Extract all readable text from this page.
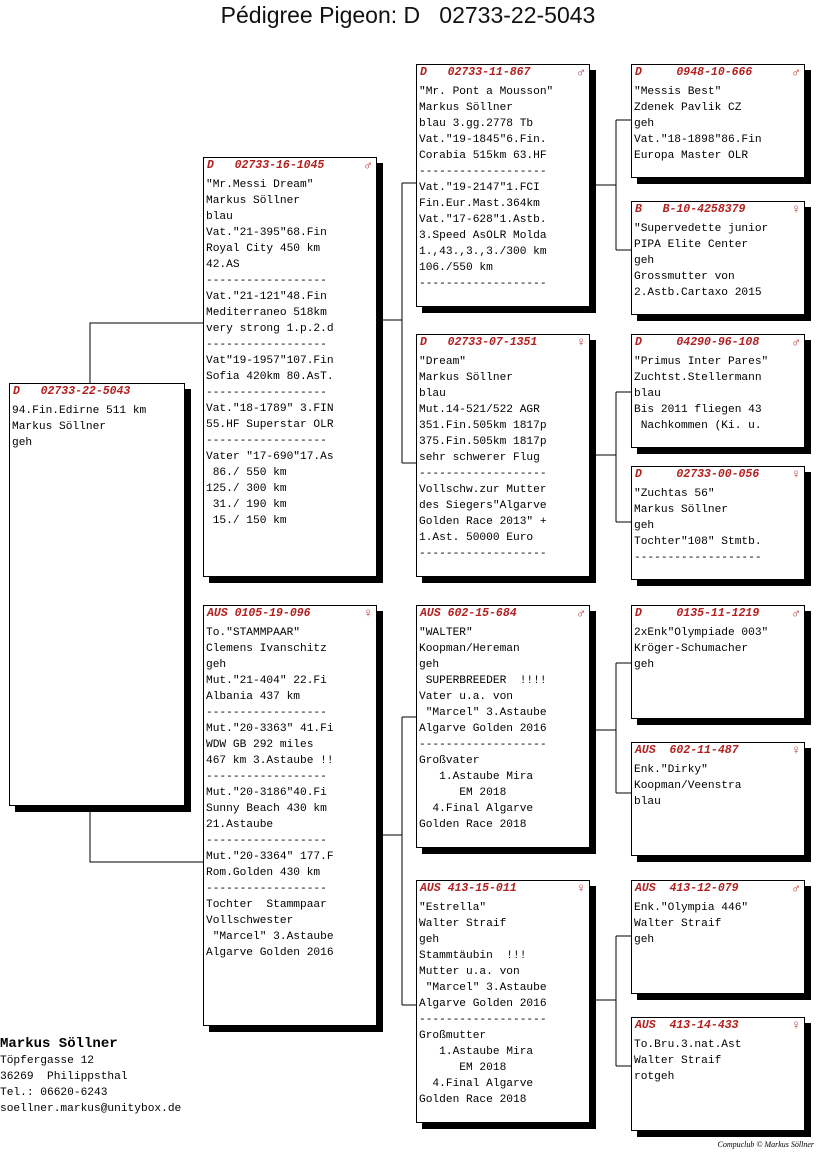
Pédigree Pigeon: D   02733-22-5043
D   02733-22-5043
94.Fin.Edirne 511 km
Markus Söllner
geh
D   02733-16-1045	♂
"Mr.Messi Dream"
Markus Söllner
blau
Vat."21-395"68.Fin
Royal City 450 km
42.AS
------------------
Vat."21-121"48.Fin
Mediterraneo 518km
very strong 1.p.2.d
------------------
Vat"19-1957"107.Fin
Sofia 420km 80.AsT.
------------------
Vat."18-1789" 3.FIN
55.HF Superstar OLR
------------------
Vater "17-690"17.As
86./ 550 km
125./ 300 km
31./ 190 km
15./ 150 km
AUS 0105-19-096	♀
To."STAMMPAAR"
Clemens Ivanschitz
geh
Mut."21-404" 22.Fi
Albania 437 km
------------------
Mut."20-3363" 41.Fi
WDW GB 292 miles
467 km 3.Astaube !!
------------------
Mut."20-3186"40.Fi
Sunny Beach 430 km
21.Astaube
------------------
Mut."20-3364" 177.F
Rom.Golden 430 km
------------------
Tochter  Stammpaar
Vollschwester
"Marcel" 3.Astaube
Algarve Golden 2016
D   02733-11-867	♂
"Mr. Pont a Mousson"
Markus Söllner
blau 3.gg.2778 Tb
Vat."19-1845"6.Fin.
Corabia 515km 63.HF
-------------------
Vat."19-2147"1.FCI
Fin.Eur.Mast.364km
Vat."17-628"1.Astb.
3.Speed AsOLR Molda
1.,43.,3.,3./300 km
106./550 km
-------------------
D   02733-07-1351	♀
"Dream"
Markus Söllner
blau
Mut.14-521/522 AGR
351.Fin.505km 1817p
375.Fin.505km 1817p
sehr schwerer Flug
-------------------
Vollschw.zur Mutter
des Siegers"Algarve
Golden Race 2013" +
1.Ast. 50000 Euro
-------------------
AUS 602-15-684	♂
"WALTER"
Koopman/Hereman
geh
SUPERBREEDER  !!!!
Vater u.a. von
"Marcel" 3.Astaube
Algarve Golden 2016
-------------------
Großvater
1.Astaube Mira
EM 2018
4.Final Algarve
Golden Race 2018
AUS 413-15-011	♀
"Estrella"
Walter Straif
geh
Stammtäubin  !!!
Mutter u.a. von
"Marcel" 3.Astaube
Algarve Golden 2016
-------------------
Großmutter
1.Astaube Mira
EM 2018
4.Final Algarve
Golden Race 2018
D     0948-10-666	♂
"Messis Best"
Zdenek Pavlik CZ
geh
Vat."18-1898"86.Fin
Europa Master OLR
B   B-10-4258379	♀
"Supervedette junior
PIPA Elite Center
geh
Grossmutter von
2.Astb.Cartaxo 2015
D     04290-96-108	♂
"Primus Inter Pares"
Zuchtst.Stellermann
blau
Bis 2011 fliegen 43
Nachkommen (Ki. u.
D     02733-00-056	♀
"Zuchtas 56"
Markus Söllner
geh
Tochter"108" Stmtb.
-------------------
D     0135-11-1219	♂
2xEnk"Olympiade 003"
Kröger-Schumacher
geh
AUS  602-11-487	♀
Enk."Dirky"
Koopman/Veenstra
blau
AUS  413-12-079	♂
Enk."Olympia 446"
Walter Straif
geh
AUS  413-14-433	♀
To.Bru.3.nat.Ast
Walter Straif
rotgeh
Markus Söllner
Töpfergasse 12
36269  Philippsthal
Tel.: 06620-6243
soellner.markus@unitybox.de
Compuclub © Markus Söllner
